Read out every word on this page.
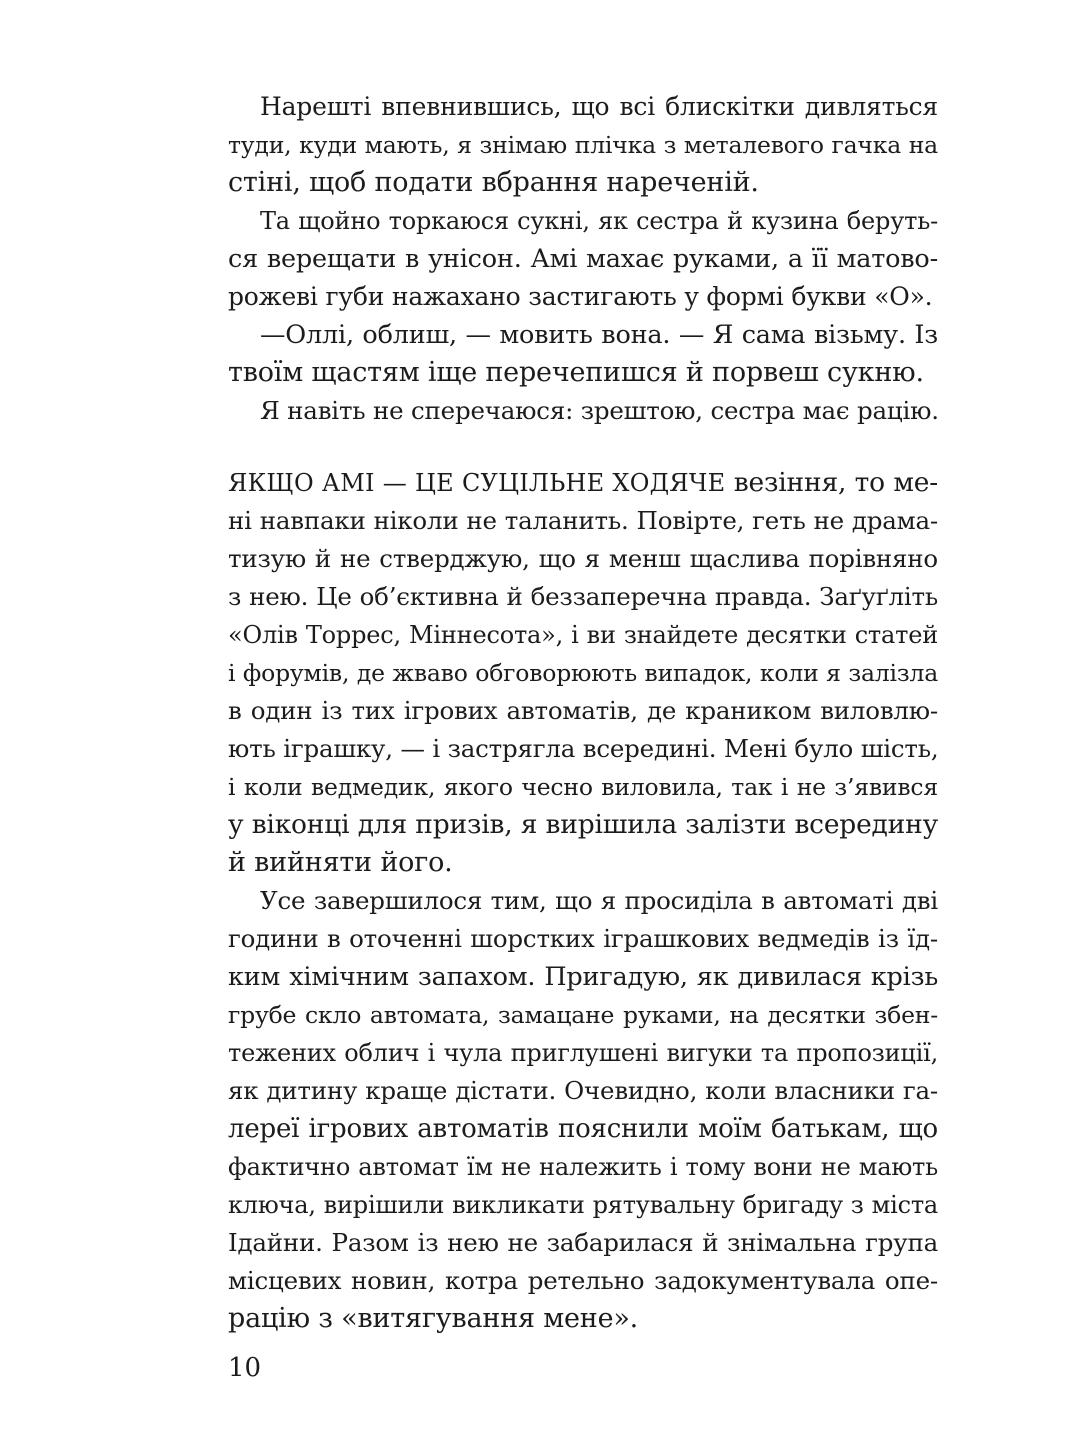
Нарешті впевнившись, що всі блискітки дивляться
туди, куди мають, я знімаю плічка з металевого гачка на
стіні, щоб подати вбрання нареченій.
Та щойно торкаюся сукні, як сестра й кузина беруть-
ся верещати в унісон. Амі махає руками, а її матово-
рожеві губи нажахано застигають у формі букви «О».
—Оллі, облиш, — мовить вона. — Я сама візьму. Із
твоїм щастям іще перечепишся й порвеш сукню.
Я навіть не сперечаюся: зрештою, сестра має рацію.
ЯКЩО АМІ — ЦЕ СУЦІЛЬНЕ ХОДЯЧЕ везіння, то ме-
ні навпаки ніколи не таланить. Повірте, геть не драма-
тизую й не стверджую, що я менш щаслива порівняно
з нею. Це об’єктивна й беззаперечна правда. Заґуґліть
«Олів Торрес, Міннесота», і ви знайдете десятки статей
і форумів, де жваво обговорюють випадок, коли я залізла
в один із тих ігрових автоматів, де краником виловлю-
ють іграшку, — і застрягла всередині. Мені було шість,
і коли ведмедик, якого чесно виловила, так і не з’явився
у віконці для призів, я вирішила залізти всередину
й вийняти його.
Усе завершилося тим, що я просиділа в автоматі дві
години в оточенні шорстких іграшкових ведмедів із їд-
ким хімічним запахом. Пригадую, як дивилася крізь
грубе скло автомата, замацане руками, на десятки збен-
тежених облич і чула приглушені вигуки та пропозиції,
як дитину краще дістати. Очевидно, коли власники га-
лереї ігрових автоматів пояснили моїм батькам, що
фактично автомат їм не належить і тому вони не мають
ключа, вирішили викликати рятувальну бригаду з міста
Ідайни. Разом із нею не забарилася й знімальна група
місцевих новин, котра ретельно задокументувала опе-
рацію з «витягування мене».
10
